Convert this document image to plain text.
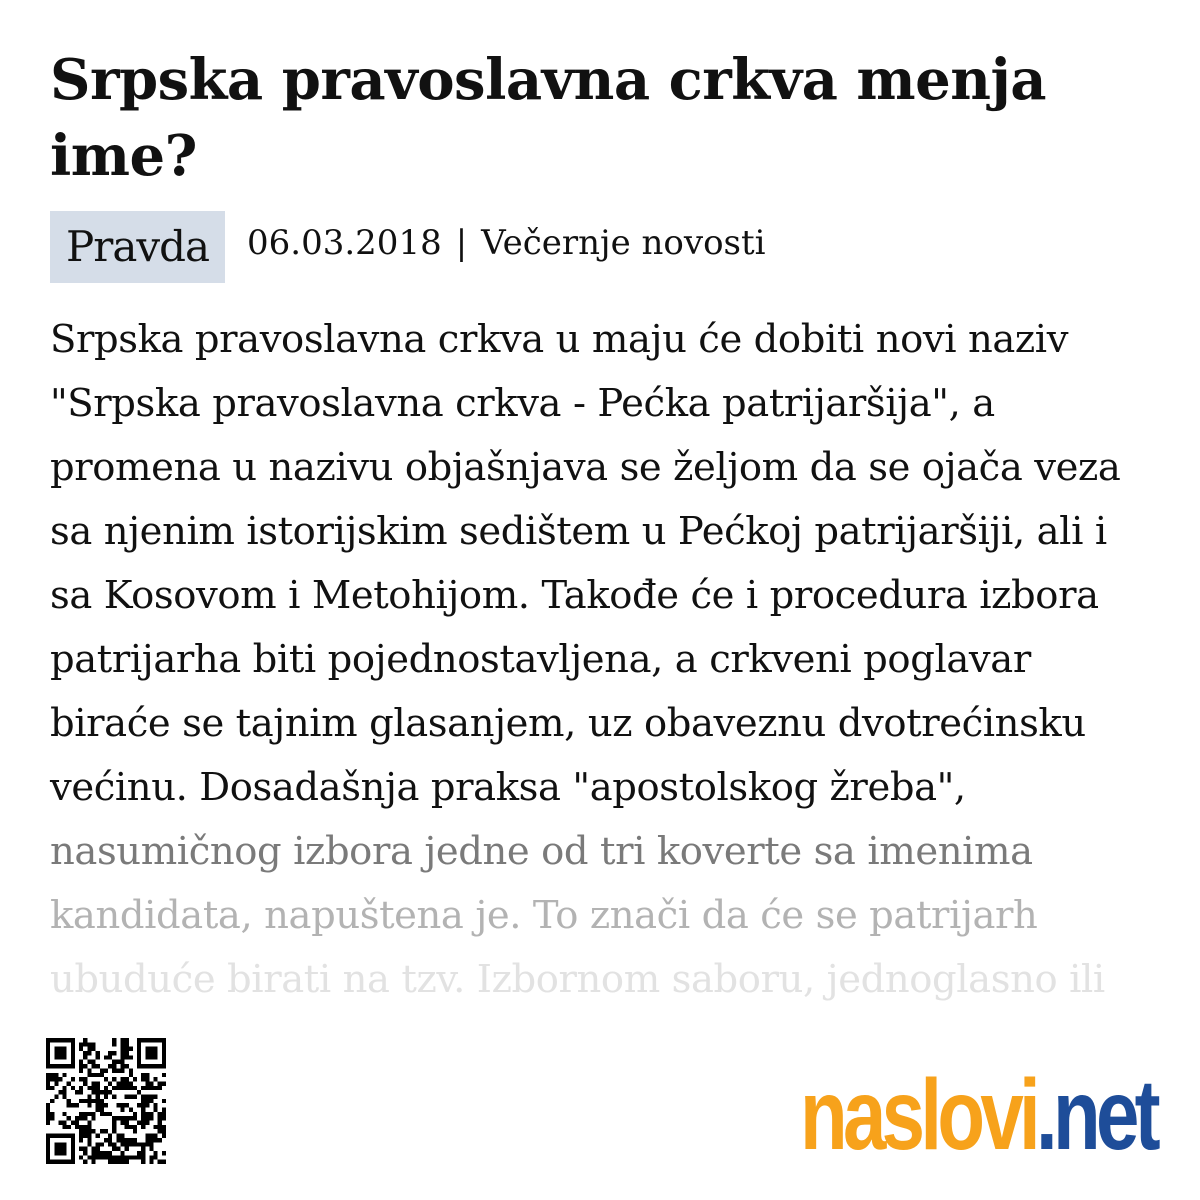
Srpska pravoslavna crkva menja ime?
Pravda	06.03.2018 | Večernje novosti
Srpska pravoslavna crkva u maju će dobiti novi naziv
"Srpska pravoslavna crkva - Pećka patrijaršija", a
promena u nazivu objašnjava se željom da se ojača veza
sa njenim istorijskim sedištem u Pećkoj patrijaršiji, ali i
sa Kosovom i Metohijom. Takođe će i procedura izbora
patrijarha biti pojednostavljena, a crkveni poglavar
biraće se tajnim glasanjem, uz obaveznu dvotrećinsku
većinu. Dosadašnja praksa "apostolskog žreba",
nasumičnog izbora jedne od tri koverte sa imenima
kandidata, napuštena je. To znači da će se patrijarh
ubuduće birati na tzv. Izbornom saboru, jednoglasno ili
naslovi.net
